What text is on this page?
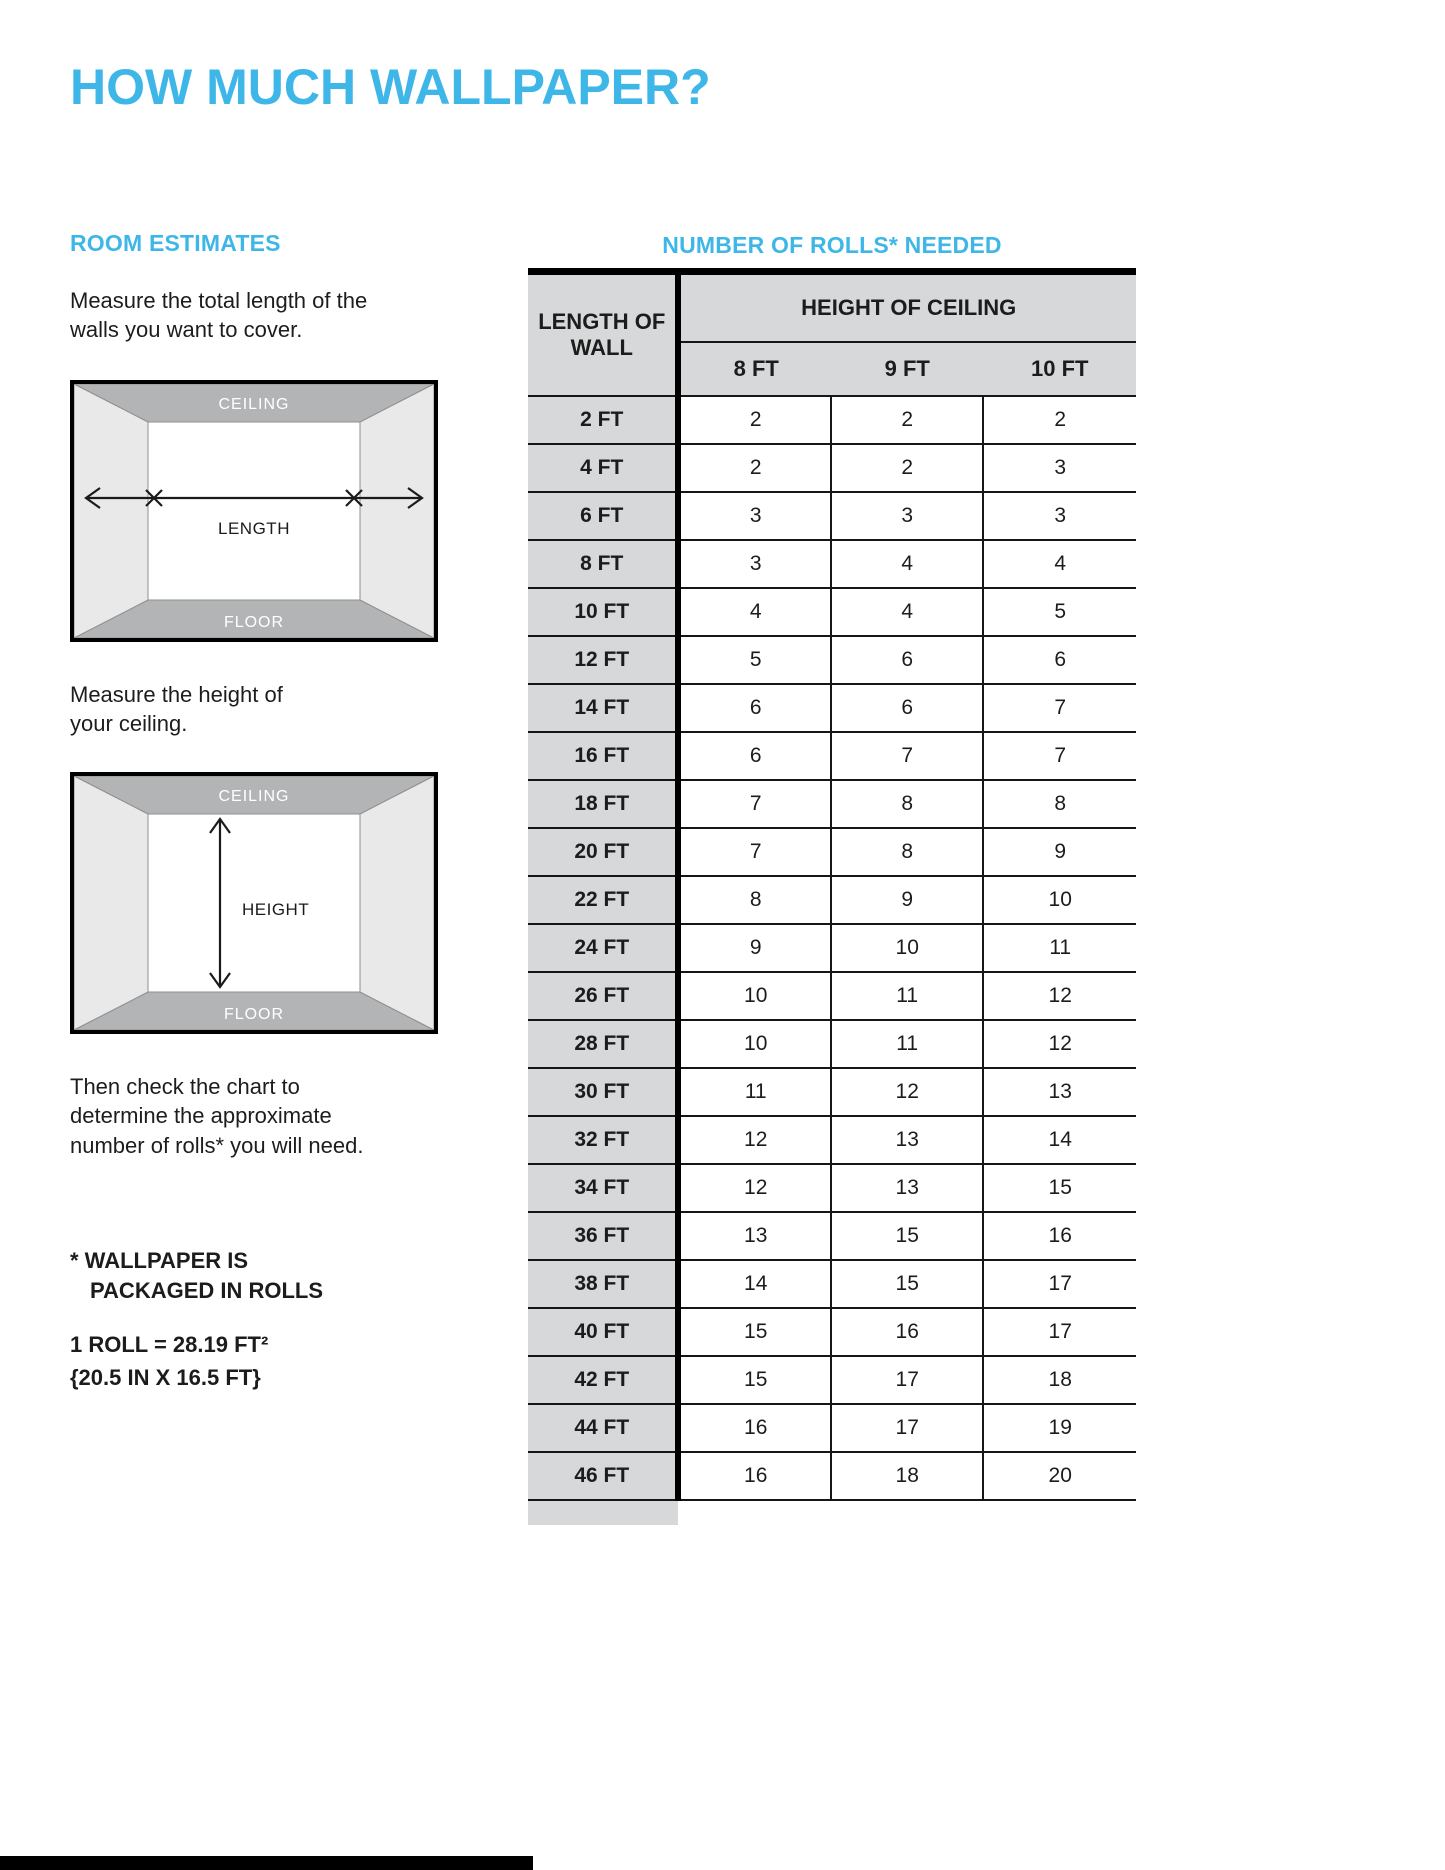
HOW MUCH WALLPAPER?
ROOM ESTIMATES

Measure the total length of the walls you want to cover.

CEILING
FLOOR
LENGTH

Measure the height of your ceiling.

CEILING
FLOOR
HEIGHT

Then check the chart to determine the approximate number of rolls* you will need.

* WALLPAPER IS
PACKAGED IN ROLLS
1 ROLL = 28.19 FT²
{20.5 IN X 16.5 FT}
NUMBER OF ROLLS* NEEDED
LENGTH OF WALL	HEIGHT OF CEILING		
	8 FT	9 FT	10 FT
2 FT	2	2	2
4 FT	2	2	3
6 FT	3	3	3
8 FT	3	4	4
10 FT	4	4	5
12 FT	5	6	6
14 FT	6	6	7
16 FT	6	7	7
18 FT	7	8	8
20 FT	7	8	9
22 FT	8	9	10
24 FT	9	10	11
26 FT	10	11	12
28 FT	10	11	12
30 FT	11	12	13
32 FT	12	13	14
34 FT	12	13	15
36 FT	13	15	16
38 FT	14	15	17
40 FT	15	16	17
42 FT	15	17	18
44 FT	16	17	19
46 FT	16	18	20
